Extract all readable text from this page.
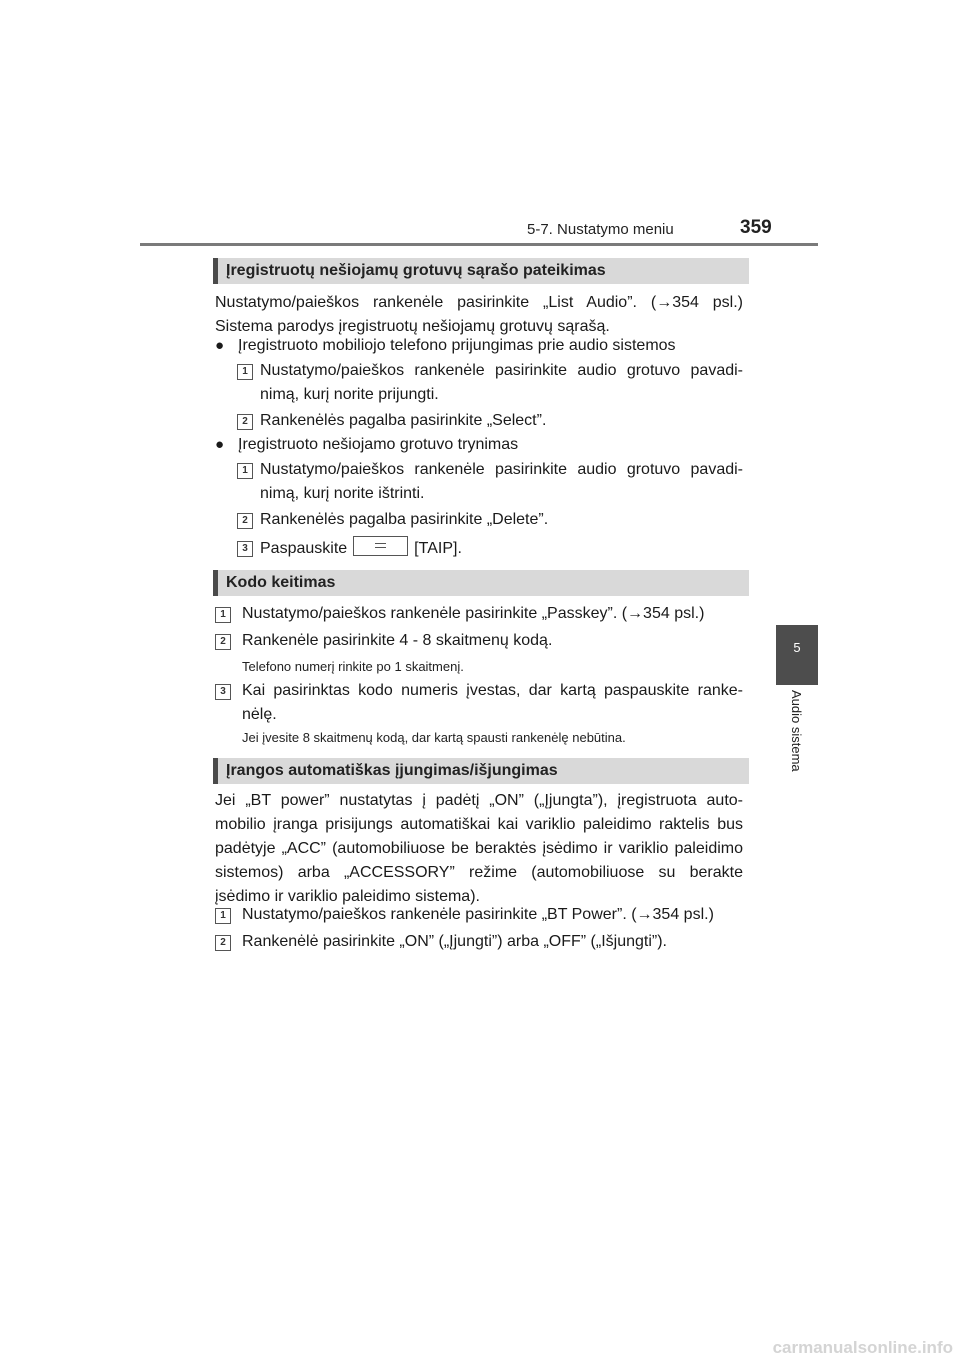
5-7. Nustatymo meniu	359
5
Audio sistema
Įregistruotų nešiojamų grotuvų sąrašo pateikimas
Nustatymo/paieškos rankenėle pasirinkite „List Audio”. (→354 psl.) Sistema parodys įregistruotų nešiojamų grotuvų sąrašą.
● Įregistruoto mobiliojo telefono prijungimas prie audio sistemos
1 Nustatymo/paieškos rankenėle pasirinkite audio grotuvo pavadi-nimą, kurį norite prijungti.
2 Rankenėlės pagalba pasirinkite „Select”.
● Įregistruoto nešiojamo grotuvo trynimas
1 Nustatymo/paieškos rankenėle pasirinkite audio grotuvo pavadi-nimą, kurį norite ištrinti.
2 Rankenėlės pagalba pasirinkite „Delete”.
3 Paspauskite	[TAIP].
Kodo keitimas
1	Nustatymo/paieškos rankenėle pasirinkite „Passkey”. (→354 psl.)
2	Rankenėle pasirinkite 4 - 8 skaitmenų kodą.
Telefono numerį rinkite po 1 skaitmenį.
3	Kai pasirinktas kodo numeris įvestas, dar kartą paspauskite ranke-nėlę.
Jei įvesite 8 skaitmenų kodą, dar kartą spausti rankenėlę nebūtina.
Įrangos automatiškas įjungimas/išjungimas
Jei „BT power” nustatytas į padėtį „ON” („Įjungta”), įregistruota auto-mobilio įranga prisijungs automatiškai kai variklio paleidimo raktelis bus padėtyje „ACC” (automobiliuose be beraktės įsėdimo ir variklio paleidimo sistemos) arba „ACCESSORY” režime (automobiliuose su berakte įsėdimo ir variklio paleidimo sistema).
1	Nustatymo/paieškos rankenėle pasirinkite „BT Power”. (→354 psl.)
2	Rankenėlė pasirinkite „ON” („Įjungti”) arba „OFF” („Išjungti”).
carmanualsonline.info
